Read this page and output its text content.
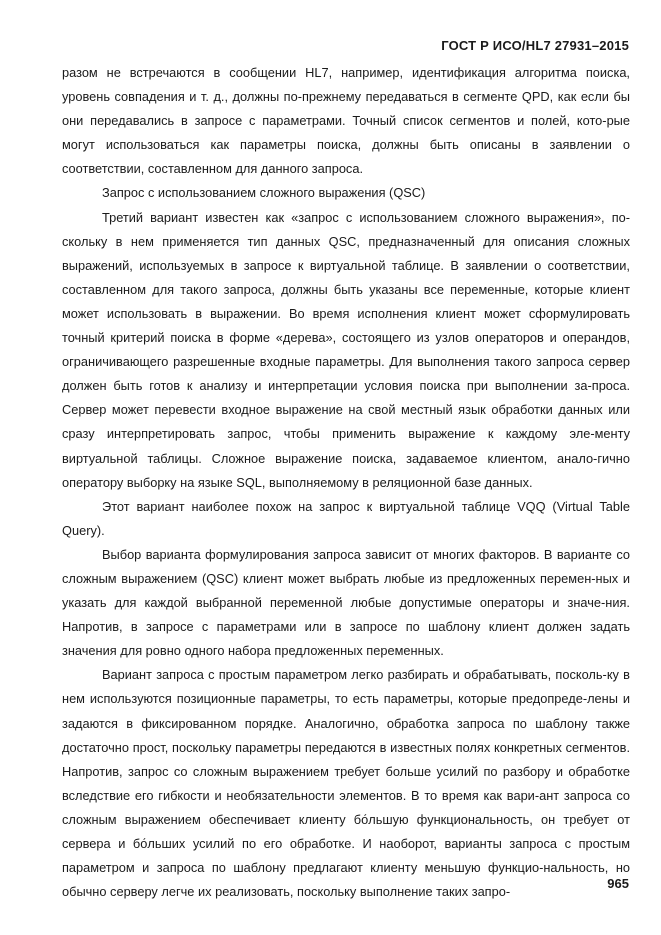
ГОСТ Р ИСО/HL7 27931–2015

разом не встречаются в сообщении HL7, например, идентификация алгоритма поиска, уровень совпадения и т. д., должны по-прежнему передаваться в сегменте QPD, как если бы они передавались в запросе с параметрами. Точный список сегментов и полей, кото-рые могут использоваться как параметры поиска, должны быть описаны в заявлении о соответствии, составленном для данного запроса.

Запрос с использованием сложного выражения (QSC)

Третий вариант известен как «запрос с использованием сложного выражения», по-скольку в нем применяется тип данных QSC, предназначенный для описания сложных выражений, используемых в запросе к виртуальной таблице. В заявлении о соответствии, составленном для такого запроса, должны быть указаны все переменные, которые клиент может использовать в выражении. Во время исполнения клиент может сформулировать точный критерий поиска в форме «дерева», состоящего из узлов операторов и операндов, ограничивающего разрешенные входные параметры. Для выполнения такого запроса сервер должен быть готов к анализу и интерпретации условия поиска при выполнении за-проса. Сервер может перевести входное выражение на свой местный язык обработки данных или сразу интерпретировать запрос, чтобы применить выражение к каждому эле-менту виртуальной таблицы. Сложное выражение поиска, задаваемое клиентом, анало-гично оператору выборку на языке SQL, выполняемому в реляционной базе данных.

Этот вариант наиболее похож на запрос к виртуальной таблице VQQ (Virtual Table Query).

Выбор варианта формулирования запроса зависит от многих факторов. В варианте со сложным выражением (QSC) клиент может выбрать любые из предложенных перемен-ных и указать для каждой выбранной переменной любые допустимые операторы и значе-ния. Напротив, в запросе с параметрами или в запросе по шаблону клиент должен задать значения для ровно одного набора предложенных переменных.

Вариант запроса с простым параметром легко разбирать и обрабатывать, посколь-ку в нем используются позиционные параметры, то есть параметры, которые предопреде-лены и задаются в фиксированном порядке. Аналогично, обработка запроса по шаблону также достаточно прост, поскольку параметры передаются в известных полях конкретных сегментов. Напротив, запрос со сложным выражением требует больше усилий по разбору и обработке вследствие его гибкости и необязательности элементов. В то время как вари-ант запроса со сложным выражением обеспечивает клиенту бо́льшую функциональность, он требует от сервера и бо́льших усилий по его обработке. И наоборот, варианты запроса с простым параметром и запроса по шаблону предлагают клиенту меньшую функцио-нальность, но обычно серверу легче их реализовать, поскольку выполнение таких запро-

965
